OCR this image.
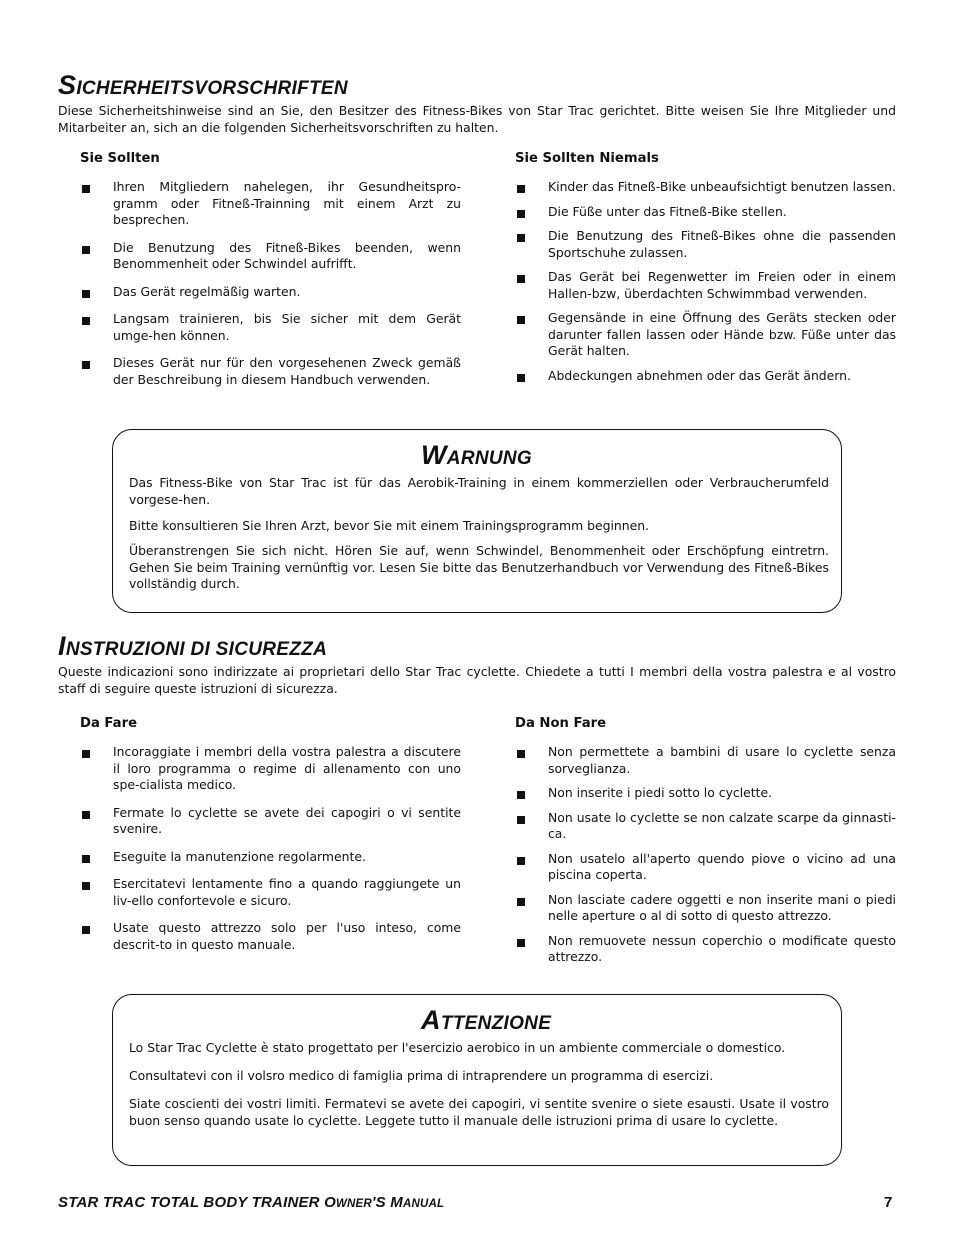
SICHERHEITSVORSCHRIFTEN

Diese Sicherheitshinweise sind an Sie, den Besitzer des Fitness-Bikes von Star Trac gerichtet. Bitte weisen Sie Ihre Mitglieder und Mitarbeiter an, sich an die folgenden Sicherheitsvorschriften zu halten.

Sie Sollten
Ihren Mitgliedern nahelegen, ihr Gesundheitspro-gramm oder Fitneß-Trainning mit einem Arzt zu besprechen.
Die Benutzung des Fitneß-Bikes beenden, wenn Benommenheit oder Schwindel aufrifft.
Das Gerät regelmäßig warten.
Langsam trainieren, bis Sie sicher mit dem Gerät umge-hen können.
Dieses Gerät nur für den vorgesehenen Zweck gemäß der Beschreibung in diesem Handbuch verwenden.
Sie Sollten Niemals
Kinder das Fitneß-Bike unbeaufsichtigt benutzen lassen.
Die Füße unter das Fitneß-Bike stellen.
Die Benutzung des Fitneß-Bikes ohne die passenden Sportschuhe zulassen.
Das Gerät bei Regenwetter im Freien oder in einem Hallen-bzw, überdachten Schwimmbad verwenden.
Gegensände in eine Öffnung des Geräts stecken oder darunter fallen lassen oder Hände bzw. Füße unter das Gerät halten.
Abdeckungen abnehmen oder das Gerät ändern.
WARNUNG

Das Fitness-Bike von Star Trac ist für das Aerobik-Training in einem kommerziellen oder Verbraucherumfeld vorgese-hen.

Bitte konsultieren Sie Ihren Arzt, bevor Sie mit einem Trainingsprogramm beginnen.

Überanstrengen Sie sich nicht. Hören Sie auf, wenn Schwindel, Benommenheit oder Erschöpfung eintretrn. Gehen Sie beim Training vernünftig vor. Lesen Sie bitte das Benutzerhandbuch vor Verwendung des Fitneß-Bikes vollständig durch.

INSTRUZIONI DI SICUREZZA

Queste indicazioni sono indirizzate ai proprietari dello Star Trac cyclette. Chiedete a tutti I membri della vostra palestra e al vostro staff di seguire queste istruzioni di sicurezza.

Da Fare
Incoraggiate i membri della vostra palestra a discutere il loro programma o regime di allenamento con uno spe-cialista medico.
Fermate lo cyclette se avete dei capogiri o vi sentite svenire.
Eseguite la manutenzione regolarmente.
Esercitatevi lentamente fino a quando raggiungete un liv-ello confortevole e sicuro.
Usate questo attrezzo solo per l'uso inteso, come descrit-to in questo manuale.
Da Non Fare
Non permettete a bambini di usare lo cyclette senza sorveglianza.
Non inserite i piedi sotto lo cyclette.
Non usate lo cyclette se non calzate scarpe da ginnasti-ca.
Non usatelo all'aperto quendo piove o vicino ad una piscina coperta.
Non lasciate cadere oggetti e non inserite mani o piedi nelle aperture o al di sotto di questo attrezzo.
Non remuovete nessun coperchio o modificate questo attrezzo.
ATTENZIONE

Lo Star Trac Cyclette è stato progettato per l'esercizio aerobico in un ambiente commerciale o domestico.

Consultatevi con il volsro medico di famiglia prima di intraprendere un programma di esercizi.

Siate coscienti dei vostri limiti. Fermatevi se avete dei capogiri, vi sentite svenire o siete esausti. Usate il vostro buon senso quando usate lo cyclette. Leggete tutto il manuale delle istruzioni prima di usare lo cyclette.

STAR TRAC TOTAL BODY TRAINER OWNER'S MANUAL	7
